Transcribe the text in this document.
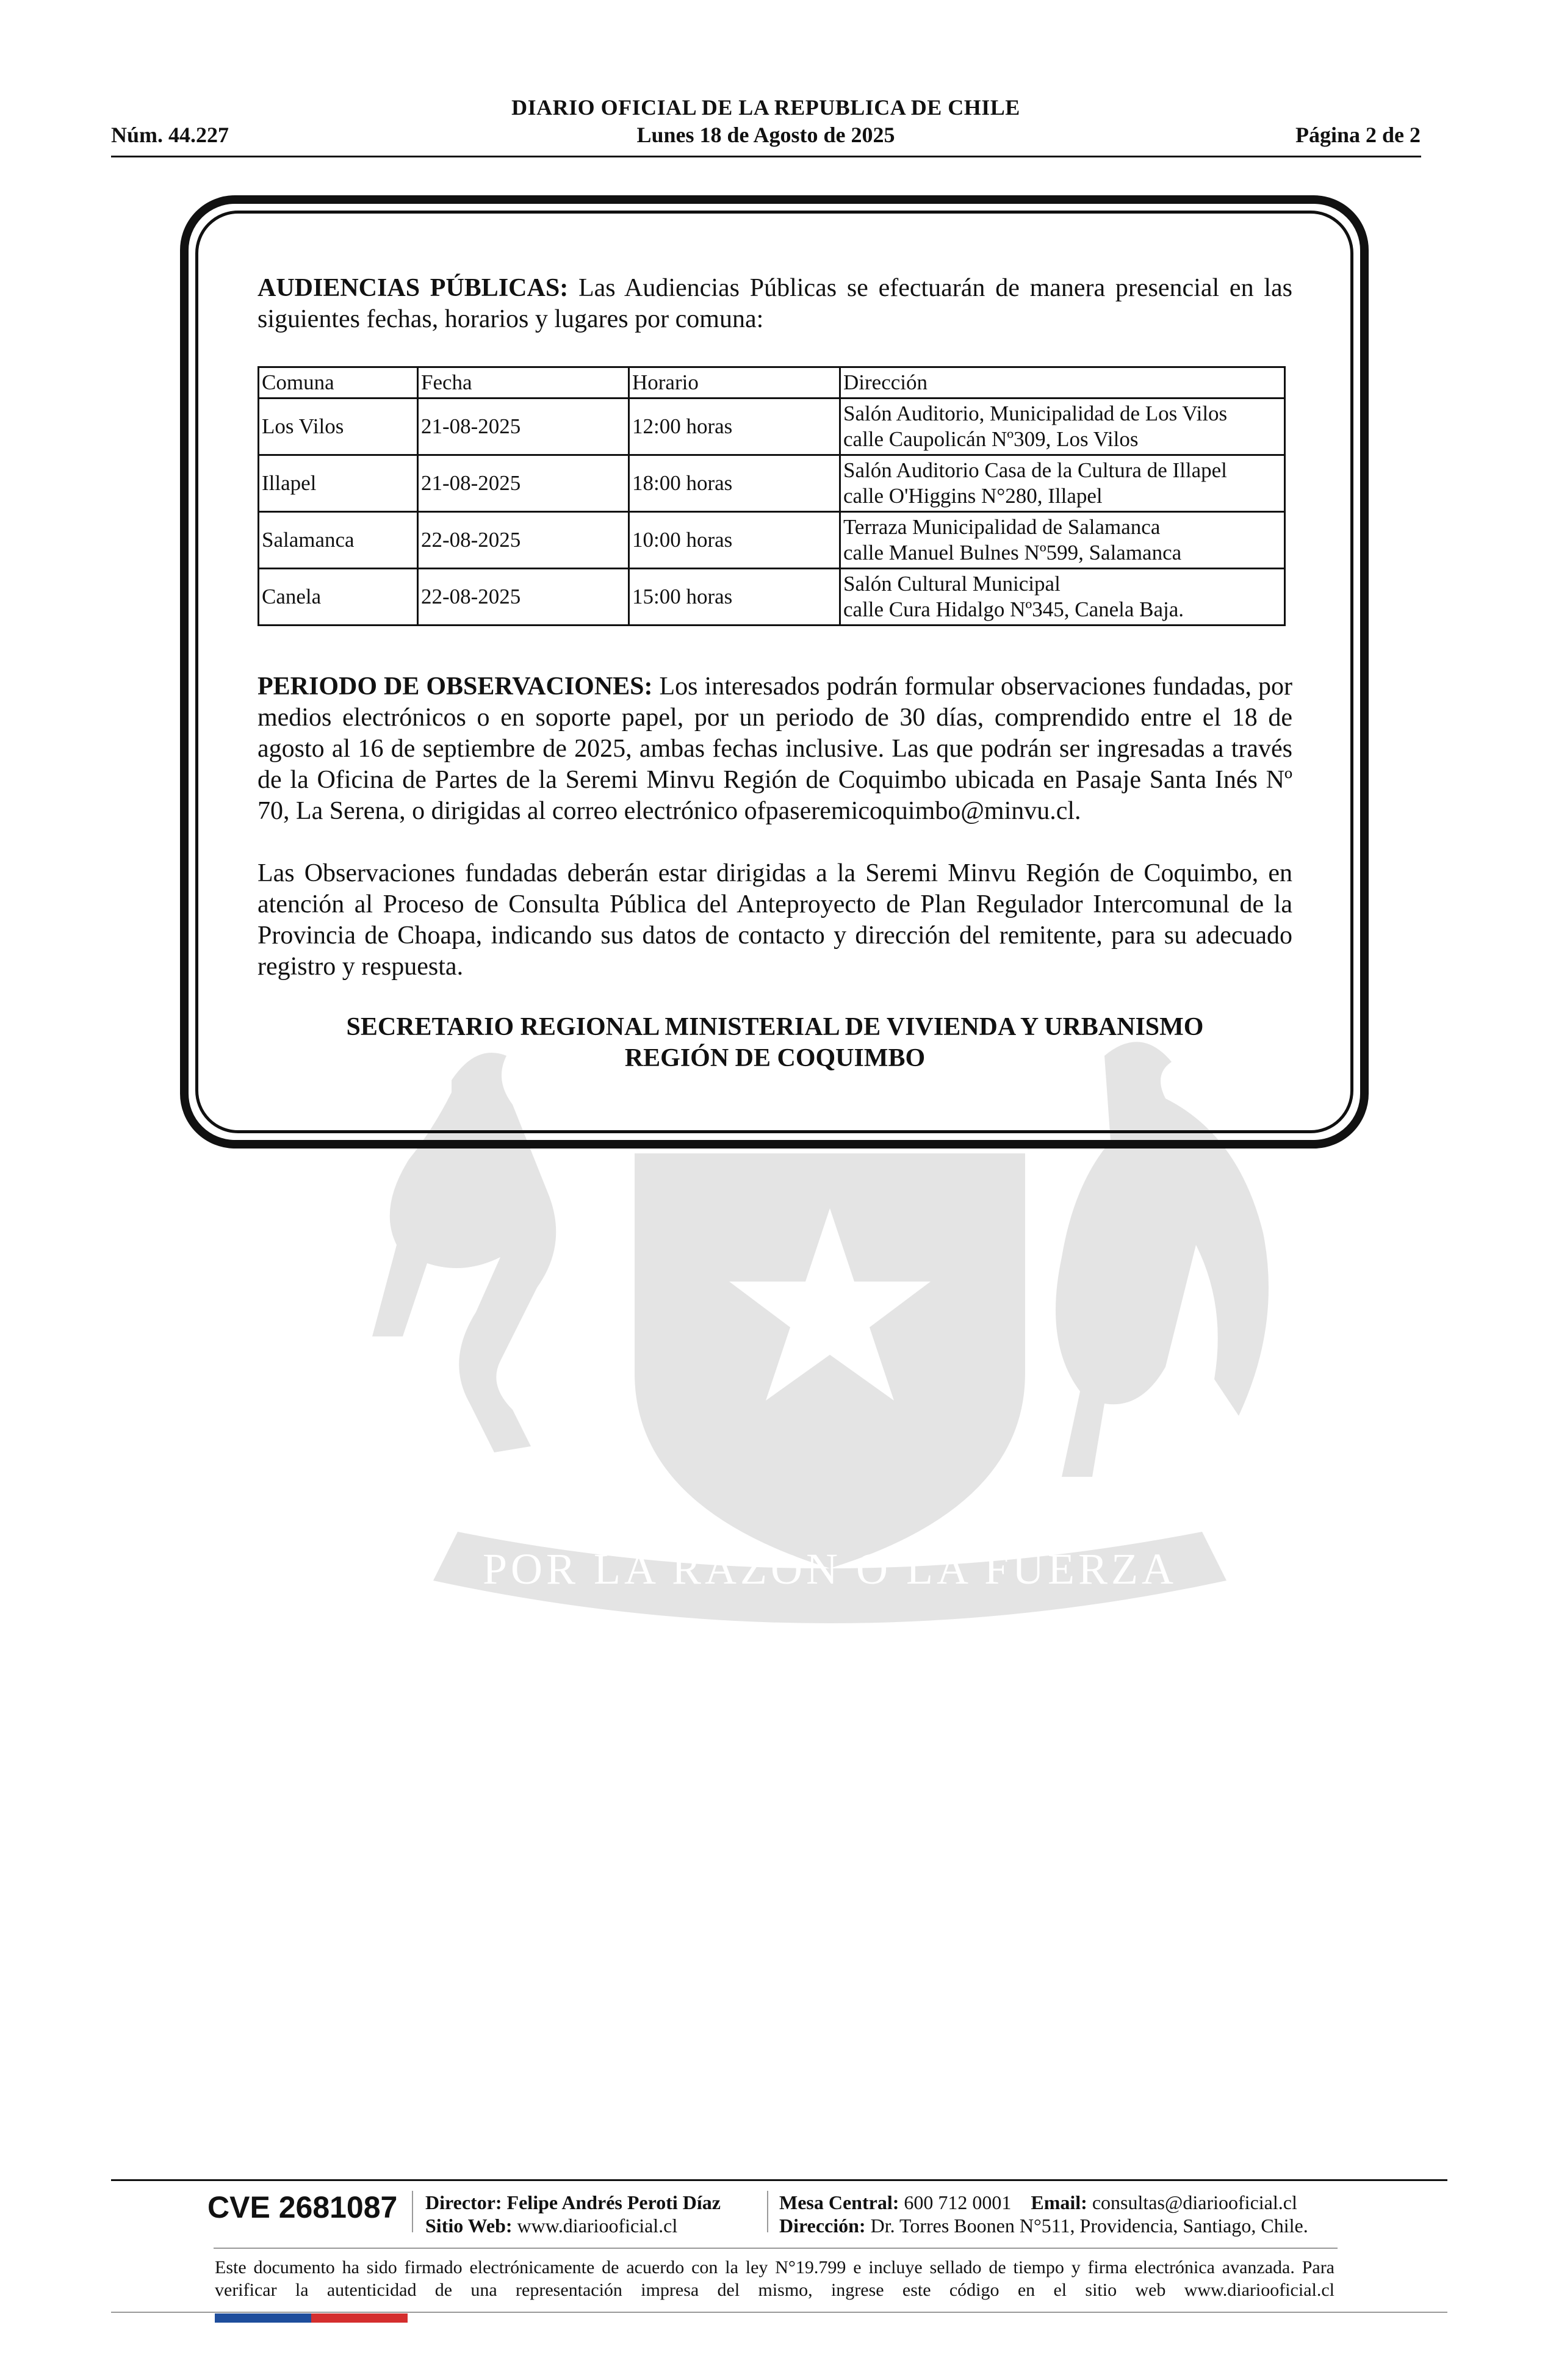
DIARIO OFICIAL DE LA REPUBLICA DE CHILE
Núm. 44.227	Lunes 18 de Agosto de 2025	Página 2 de 2
POR LA RAZON O LA FUERZA
AUDIENCIAS PÚBLICAS: Las Audiencias Públicas se efectuarán de manera presencial en las siguientes fechas, horarios y lugares por comuna:
Comuna	Fecha	Horario	Dirección
Los Vilos	21-08-2025	12:00 horas	Salón Auditorio, Municipalidad de Los Vilos
calle Caupolicán Nº309, Los Vilos

Illapel	21-08-2025	18:00 horas	Salón Auditorio Casa de la Cultura de Illapel
calle O'Higgins N°280, Illapel

Salamanca	22-08-2025	10:00 horas	Terraza Municipalidad de Salamanca
calle Manuel Bulnes Nº599, Salamanca

Canela	22-08-2025	15:00 horas	Salón Cultural Municipal
calle Cura Hidalgo Nº345, Canela Baja.
PERIODO DE OBSERVACIONES: Los interesados podrán formular observaciones fundadas, por medios electrónicos o en soporte papel, por un periodo de 30 días, comprendido entre el 18 de agosto al 16 de septiembre de 2025, ambas fechas inclusive. Las que podrán ser ingresadas a través de la Oficina de Partes de la Seremi Minvu Región de Coquimbo ubicada en Pasaje Santa Inés Nº 70, La Serena, o dirigidas al correo electrónico ofpaseremicoquimbo@minvu.cl.
Las Observaciones fundadas deberán estar dirigidas a la Seremi Minvu Región de Coquimbo, en atención al Proceso de Consulta Pública del Anteproyecto de Plan Regulador Intercomunal de la Provincia de Choapa, indicando sus datos de contacto y dirección del remitente, para su adecuado registro y respuesta.
SECRETARIO REGIONAL MINISTERIAL DE VIVIENDA Y URBANISMO
REGIÓN DE COQUIMBO
CVE 2681087 Director: Felipe Andrés Peroti Díaz
Sitio Web: www.diariooficial.cl
Mesa Central: 600 712 0001 Email: consultas@diariooficial.cl
Dirección: Dr. Torres Boonen N°511, Providencia, Santiago, Chile.
Este documento ha sido firmado electrónicamente de acuerdo con la ley N°19.799 e incluye sellado de tiempo y firma electrónica avanzada. Para verificar la autenticidad de una representación impresa del mismo, ingrese este código en el sitio web www.diariooficial.cl
